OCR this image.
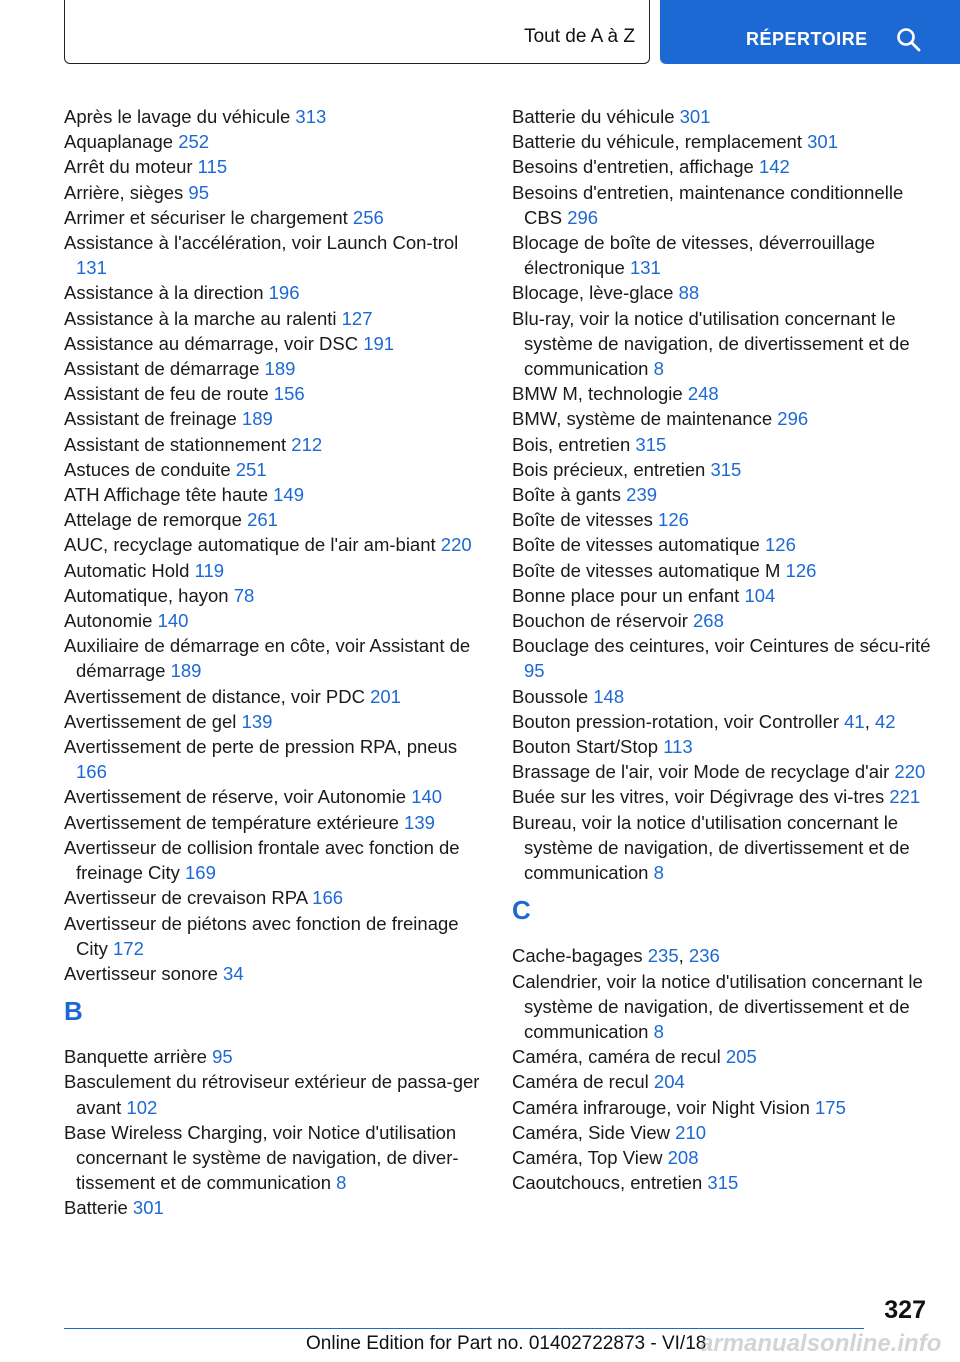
Tout de A à Z	RÉPERTOIRE

Après le lavage du véhicule 313

Aquaplanage 252

Arrêt du moteur 115

Arrière, sièges 95

Arrimer et sécuriser le chargement 256

Assistance à l'accélération, voir Launch Con-trol 131

Assistance à la direction 196

Assistance à la marche au ralenti 127

Assistance au démarrage, voir DSC 191

Assistant de démarrage 189

Assistant de feu de route 156

Assistant de freinage 189

Assistant de stationnement 212

Astuces de conduite 251

ATH Affichage tête haute 149

Attelage de remorque 261

AUC, recyclage automatique de l'air am-biant 220

Automatic Hold 119

Automatique, hayon 78

Autonomie 140

Auxiliaire de démarrage en côte, voir Assistant de démarrage 189

Avertissement de distance, voir PDC 201

Avertissement de gel 139

Avertissement de perte de pression RPA, pneus 166

Avertissement de réserve, voir Autonomie 140

Avertissement de température extérieure 139

Avertisseur de collision frontale avec fonction de freinage City 169

Avertisseur de crevaison RPA 166

Avertisseur de piétons avec fonction de freinage City 172

Avertisseur sonore 34

B

Banquette arrière 95

Basculement du rétroviseur extérieur de passa-ger avant 102

Base Wireless Charging, voir Notice d'utilisation concernant le système de navigation, de diver-tissement et de communication 8

Batterie 301

Batterie du véhicule 301

Batterie du véhicule, remplacement 301

Besoins d'entretien, affichage 142

Besoins d'entretien, maintenance conditionnelle CBS 296

Blocage de boîte de vitesses, déverrouillage électronique 131

Blocage, lève-glace 88

Blu-ray, voir la notice d'utilisation concernant le système de navigation, de divertissement et de communication 8

BMW M, technologie 248

BMW, système de maintenance 296

Bois, entretien 315

Bois précieux, entretien 315

Boîte à gants 239

Boîte de vitesses 126

Boîte de vitesses automatique 126

Boîte de vitesses automatique M 126

Bonne place pour un enfant 104

Bouchon de réservoir 268

Bouclage des ceintures, voir Ceintures de sécu-rité 95

Boussole 148

Bouton pression-rotation, voir Controller 41, 42

Bouton Start/Stop 113

Brassage de l'air, voir Mode de recyclage d'air 220

Buée sur les vitres, voir Dégivrage des vi-tres 221

Bureau, voir la notice d'utilisation concernant le système de navigation, de divertissement et de communication 8

C

Cache-bagages 235, 236

Calendrier, voir la notice d'utilisation concernant le système de navigation, de divertissement et de communication 8

Caméra, caméra de recul 205

Caméra de recul 204

Caméra infrarouge, voir Night Vision 175

Caméra, Side View 210

Caméra, Top View 208

Caoutchoucs, entretien 315

327
Online Edition for Part no. 01402722873 - VI/18
armanualsonline.info
